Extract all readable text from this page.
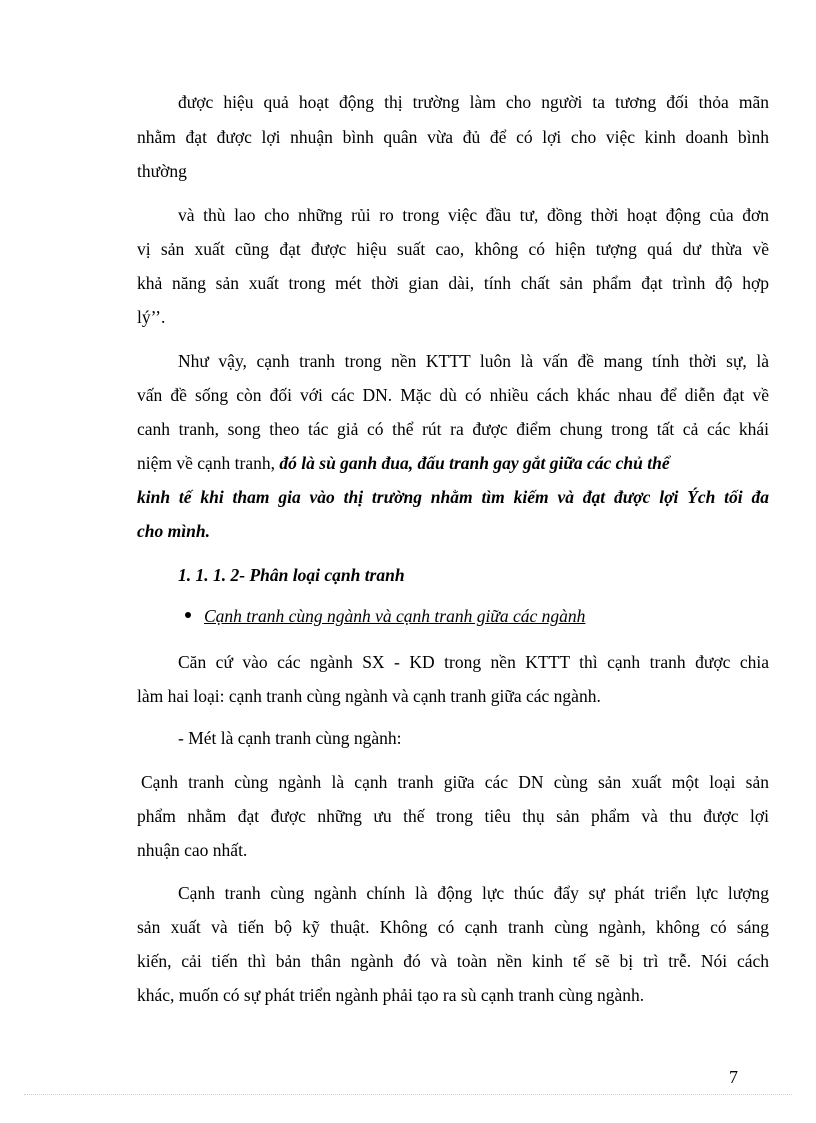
được hiệu quả hoạt động thị trường làm cho người ta tương đối thỏa mãn

nhằm đạt được lợi nhuận bình quân vừa đủ để có lợi cho việc kinh doanh bình

thường

và thù lao cho những rủi ro trong việc đầu tư, đồng thời hoạt động của đơn

vị sản xuất cũng đạt được hiệu suất cao, không có hiện tượng quá dư thừa về

khả năng sản xuất trong mét thời gian dài, tính chất sản phẩm đạt trình độ hợp

lý’’.

Như vậy, cạnh tranh trong nền KTTT luôn là vấn đề mang tính thời sự, là

vấn đề sống còn đối với các DN. Mặc dù có nhiều cách khác nhau để diễn đạt về

canh tranh, song theo tác giả có thể rút ra được điểm chung trong tất cả các khái

niệm về cạnh tranh, đó là sù ganh đua, đấu tranh gay gắt giữa các chủ thể

kinh tế khi tham gia vào thị trường nhằm tìm kiếm và đạt được lợi Ých tối đa

cho mình.

1. 1. 1. 2- Phân loại cạnh tranh

Cạnh tranh cùng ngành và cạnh tranh giữa các ngành

Căn cứ vào các ngành SX - KD trong nền KTTT thì cạnh tranh được chia

làm hai loại: cạnh tranh cùng ngành và cạnh tranh giữa các ngành.

- Mét là cạnh tranh cùng ngành:

Cạnh tranh cùng ngành là cạnh tranh giữa các DN cùng sản xuất một loại sản

phẩm nhằm đạt được những ưu thế trong tiêu thụ sản phẩm và thu được lợi

nhuận cao nhất.

Cạnh tranh cùng ngành chính là động lực thúc đẩy sự phát triển lực lượng

sản xuất và tiến bộ kỹ thuật. Không có cạnh tranh cùng ngành, không có sáng

kiến, cải tiến thì bản thân ngành đó và toàn nền kinh tế sẽ bị trì trễ. Nói cách

khác, muốn có sự phát triển ngành phải tạo ra sù cạnh tranh cùng ngành.

7
